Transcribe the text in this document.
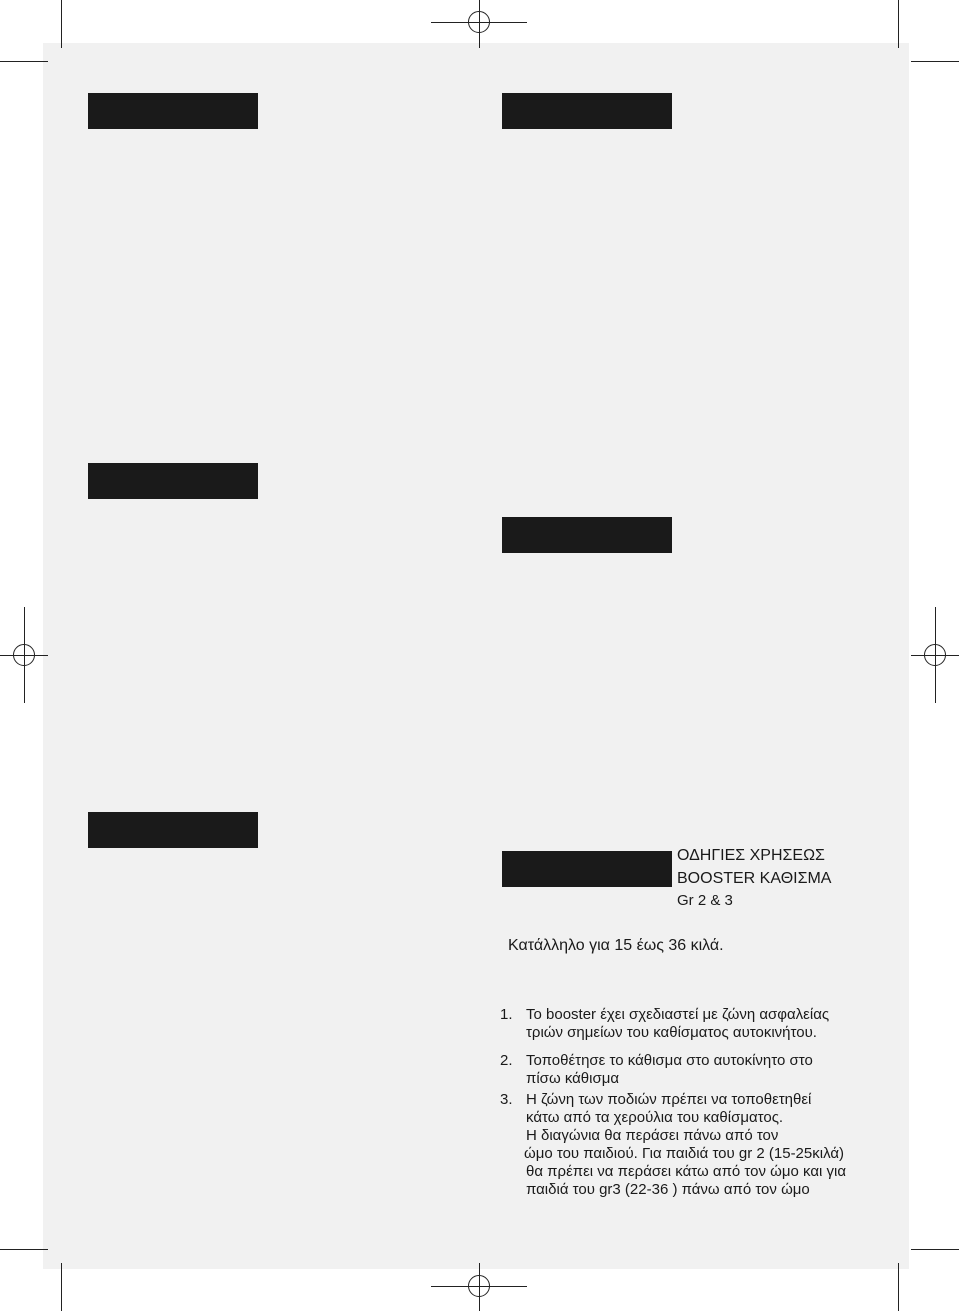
ΟΔΗΓΙΕΣ ΧΡΗΣΕΩΣ
BOOSTER ΚΑΘΙΣΜΑ
Gr 2 & 3
Κατάλληλο για 15 έως 36 κιλά.
1. Το booster έχει σχεδιαστεί με ζώνη ασφαλείας

τριών σημείων του καθίσματος αυτοκινήτου.

2. Τοποθέτησε το κάθισμα στο αυτοκίνητο στο

πίσω κάθισμα

3. Η ζώνη των ποδιών πρέπει να τοποθετηθεί

κάτω από τα χερούλια του καθίσματος.

Η διαγώνια θα περάσει πάνω από τον

ώμο του παιδιού. Για παιδιά του gr 2 (15-25κιλά)

θα πρέπει να περάσει κάτω από τον ώμο και για

παιδιά του gr3 (22-36 ) πάνω από τον ώμο
